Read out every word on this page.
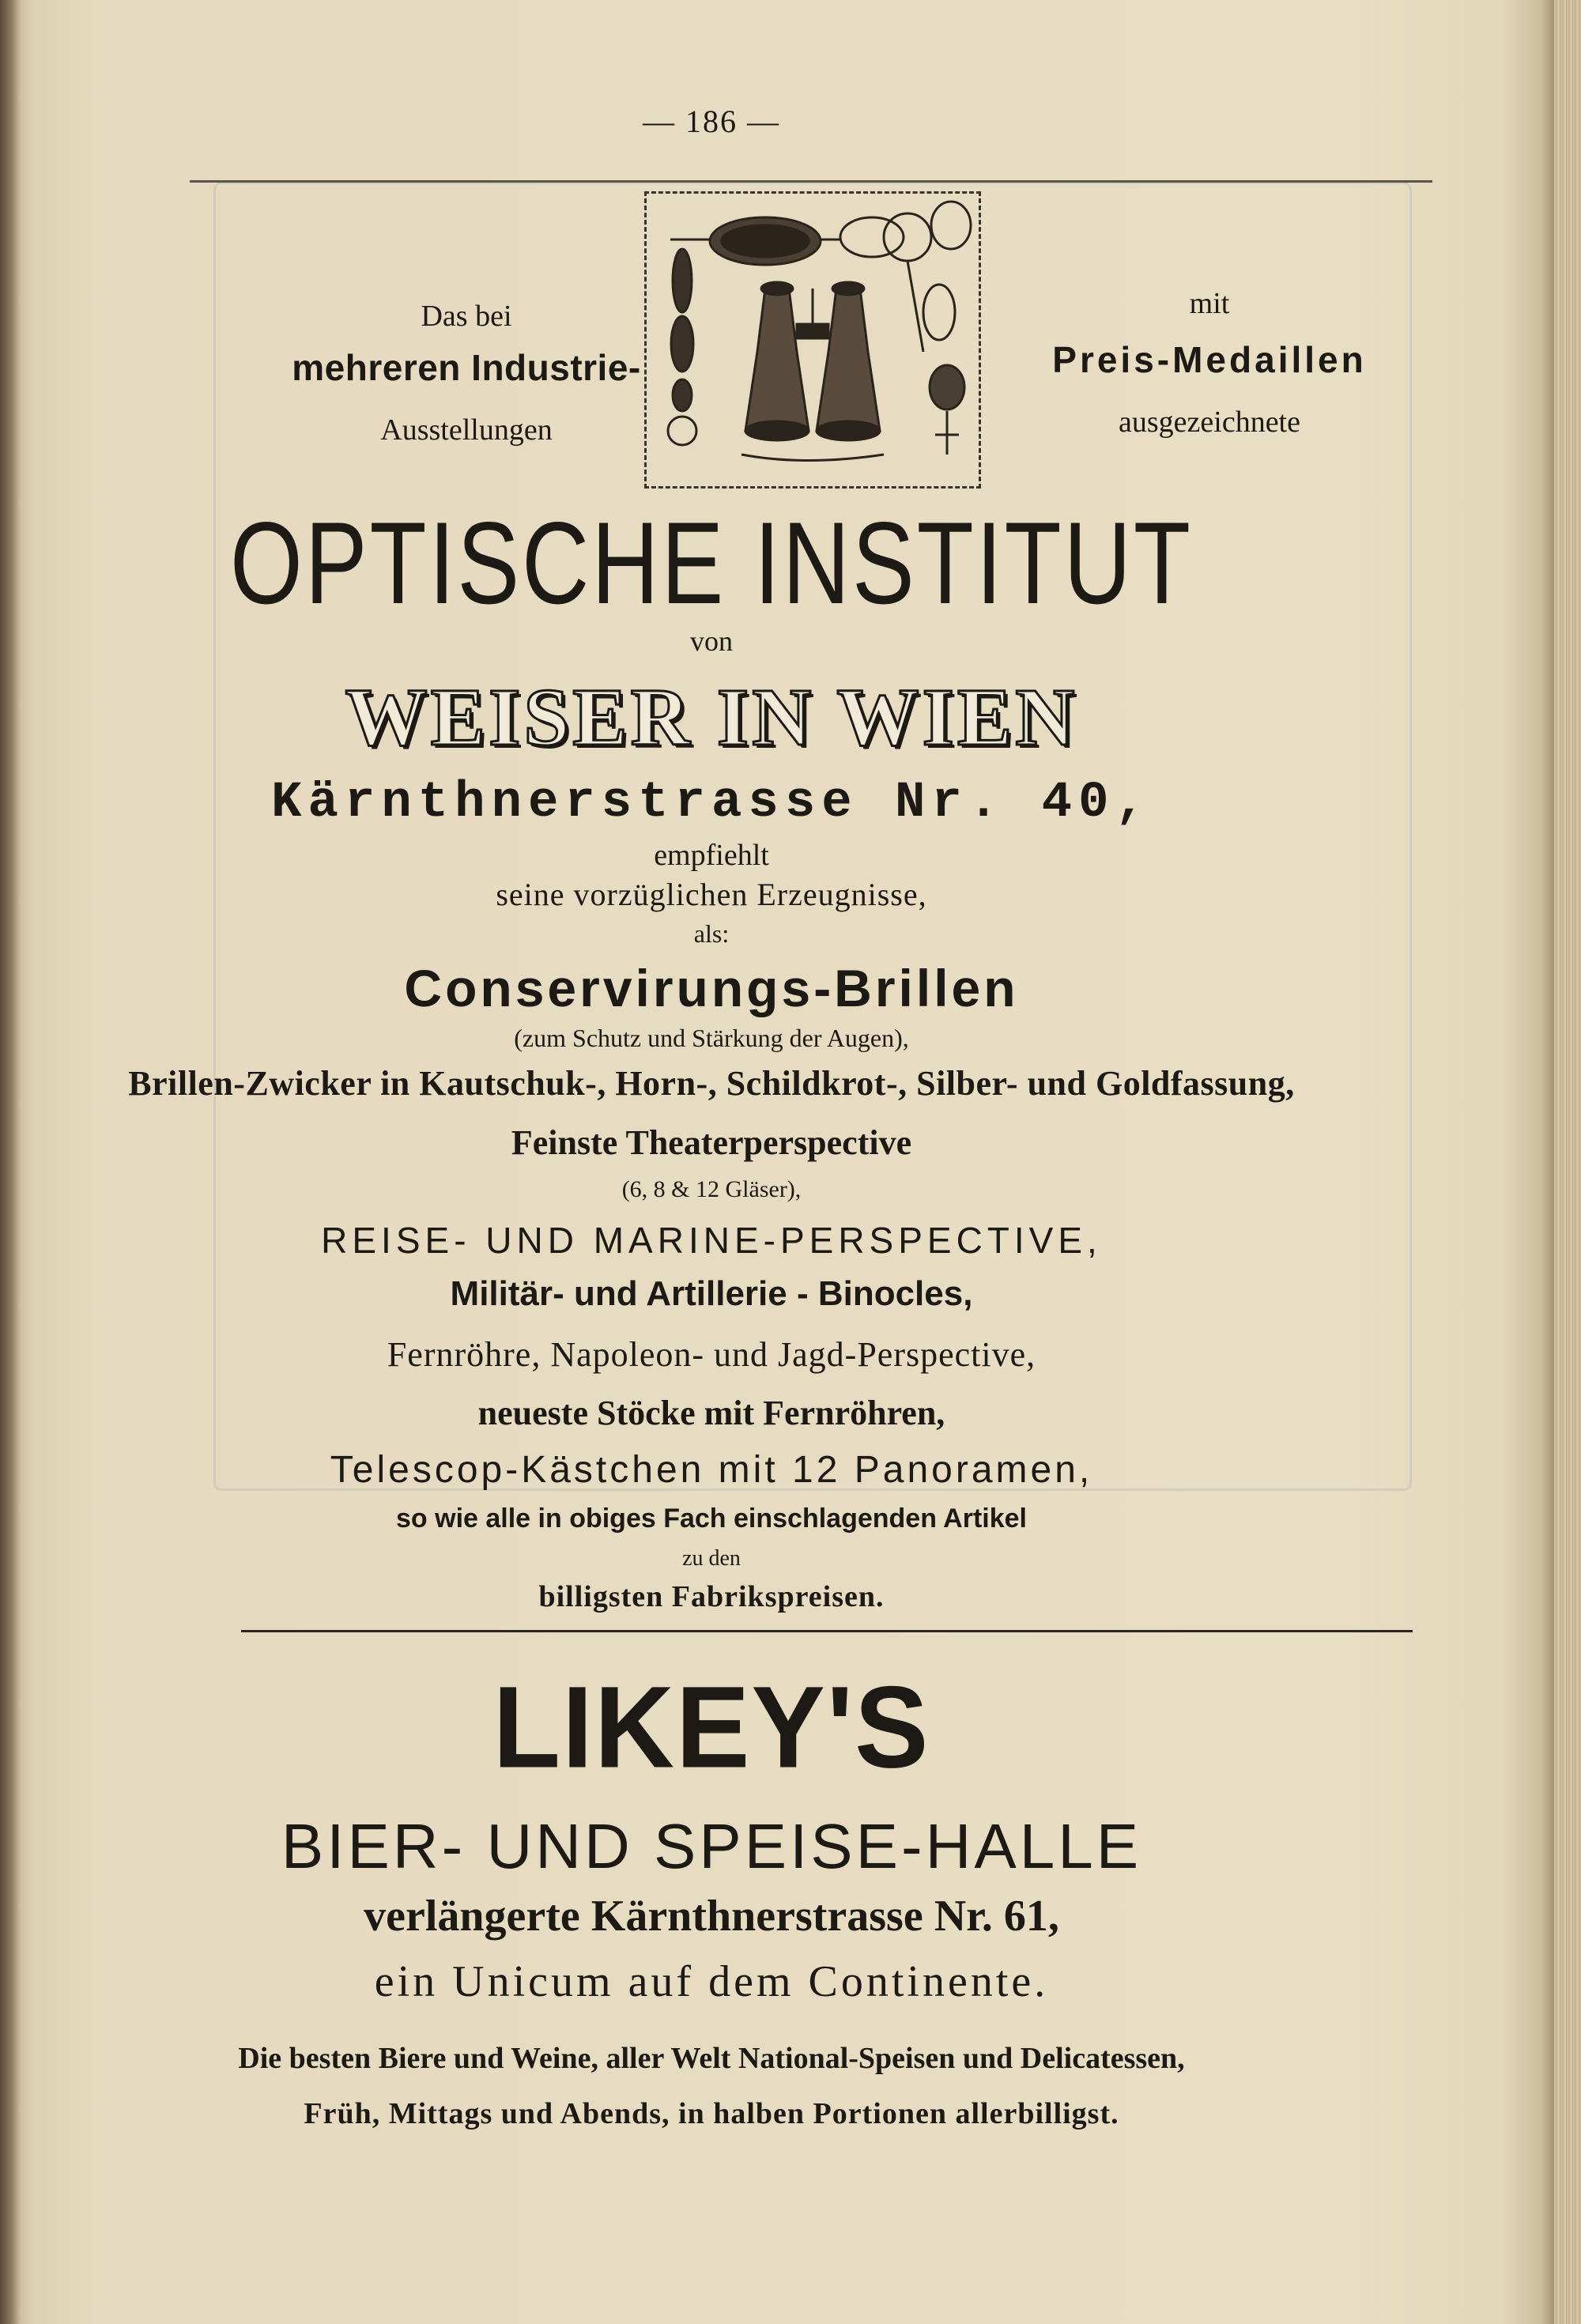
— 186 —
Das bei
mehreren Industrie-
Ausstellungen
mit
Preis-Medaillen
ausgezeichnete
OPTISCHE INSTITUT
von
WEISER IN WIEN
Kärnthnerstrasse Nr. 40,
empfiehlt
seine vorzüglichen Erzeugnisse,
als:
Conservirungs-Brillen
(zum Schutz und Stärkung der Augen),
Brillen-Zwicker in Kautschuk-, Horn-, Schildkrot-, Silber- und Goldfassung,
Feinste Theaterperspective
(6, 8 & 12 Gläser),
REISE- UND MARINE-PERSPECTIVE,
Militär- und Artillerie - Binocles,
Fernröhre, Napoleon- und Jagd-Perspective,
neueste Stöcke mit Fernröhren,
Telescop-Kästchen mit 12 Panoramen,
so wie alle in obiges Fach einschlagenden Artikel
zu den
billigsten Fabrikspreisen.
LIKEY'S
BIER- UND SPEISE-HALLE
verlängerte Kärnthnerstrasse Nr. 61,
ein Unicum auf dem Continente.
Die besten Biere und Weine, aller Welt National-Speisen und Delicatessen,
Früh, Mittags und Abends, in halben Portionen allerbilligst.
